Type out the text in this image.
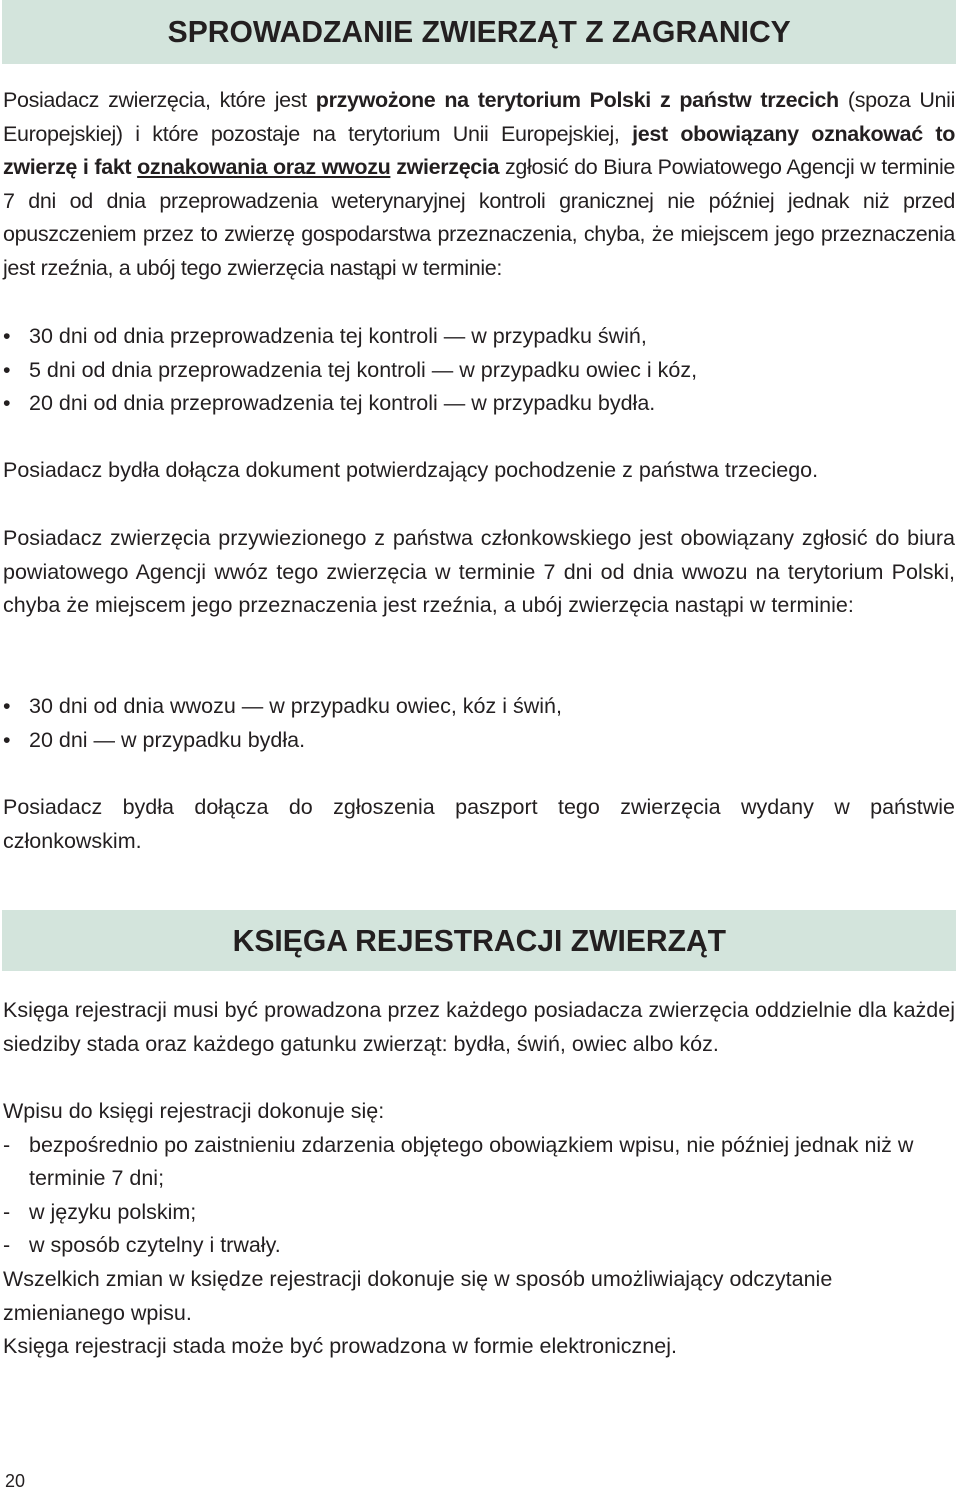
SPROWADZANIE ZWIERZĄT Z ZAGRANICY

Posiadacz zwierzęcia, które jest przywożone na terytorium Polski z państw trzecich (spoza Unii Europejskiej) i które pozostaje na terytorium Unii Europejskiej, jest obowiązany oznakować to zwierzę i fakt oznakowania oraz wwozu zwierzęcia zgłosić do Biura Powiatowego Agencji w terminie 7 dni od dnia przeprowadzenia weterynaryjnej kontroli granicznej nie później jednak niż przed opuszczeniem przez to zwierzę gospodarstwa przeznaczenia, chyba, że miejscem jego przeznaczenia jest rzeźnia, a ubój tego zwierzęcia nastąpi w terminie:

• 30 dni od dnia przeprowadzenia tej kontroli — w przypadku świń,
• 5 dni od dnia przeprowadzenia tej kontroli — w przypadku owiec i kóz,
• 20 dni od dnia przeprowadzenia tej kontroli — w przypadku bydła.

Posiadacz bydła dołącza dokument potwierdzający pochodzenie z państwa trzeciego.

Posiadacz zwierzęcia przywiezionego z państwa członkowskiego jest obowiązany zgłosić do biura powiatowego Agencji wwóz tego zwierzęcia w terminie 7 dni od dnia wwozu na terytorium Polski, chyba że miejscem jego przeznaczenia jest rzeźnia, a ubój zwierzęcia nastąpi w terminie:

• 30 dni od dnia wwozu — w przypadku owiec, kóz i świń,
• 20 dni — w przypadku bydła.

Posiadacz bydła dołącza do zgłoszenia paszport tego zwierzęcia wydany w państwie członkowskim.

KSIĘGA REJESTRACJI ZWIERZĄT

Księga rejestracji musi być prowadzona przez każdego posiadacza zwierzęcia oddzielnie dla każdej siedziby stada oraz każdego gatunku zwierząt: bydła, świń, owiec albo kóz.

Wpisu do księgi rejestracji dokonuje się:

- bezpośrednio po zaistnieniu zdarzenia objętego obowiązkiem wpisu, nie później jednak niż w terminie 7 dni;
- w języku polskim;
- w sposób czytelny i trwały.

Wszelkich zmian w księdze rejestracji dokonuje się w sposób umożliwiający odczytanie zmienianego wpisu.

Księga rejestracji stada może być prowadzona w formie elektronicznej.

20
